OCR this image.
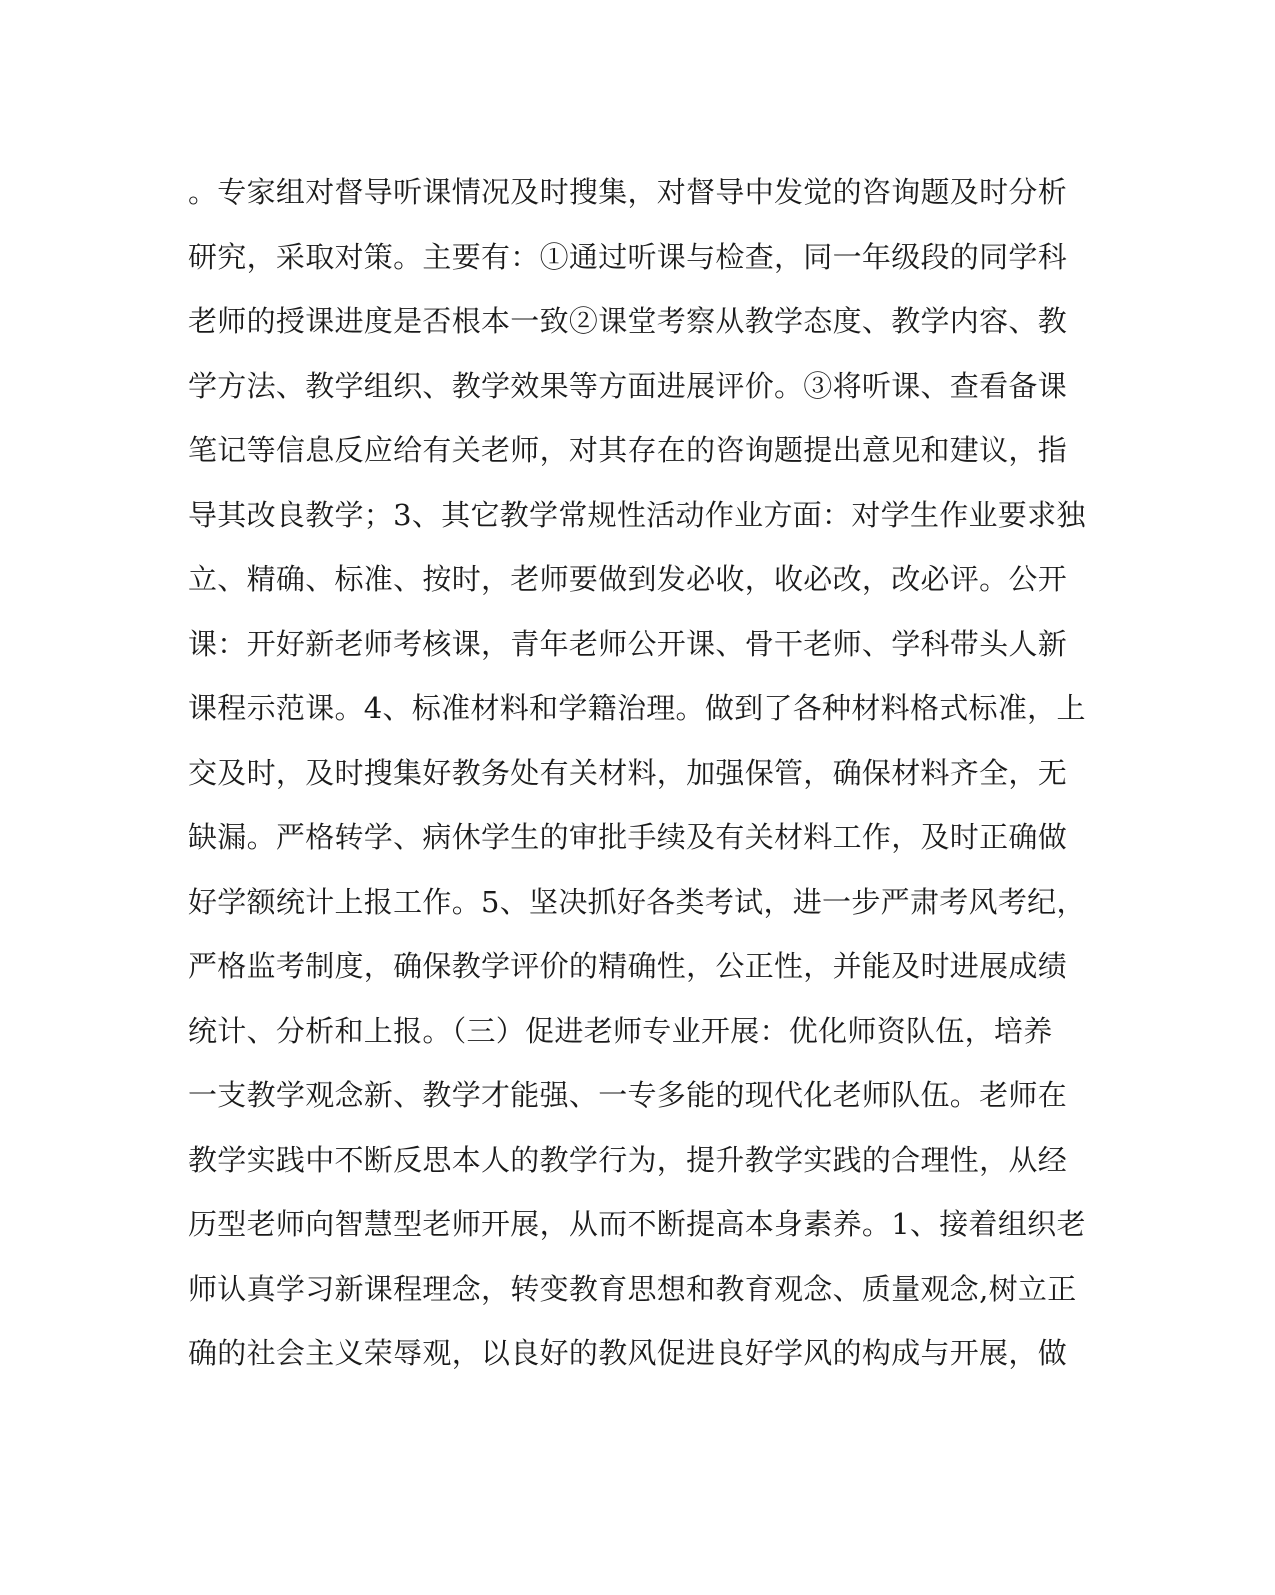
。专家组对督导听课情况及时搜集，对督导中发觉的咨询题及时分析
研究，采取对策。主要有：①通过听课与检查，同一年级段的同学科
老师的授课进度是否根本一致②课堂考察从教学态度、教学内容、教
学方法、教学组织、教学效果等方面进展评价。③将听课、查看备课
笔记等信息反应给有关老师，对其存在的咨询题提出意见和建议，指
导其改良教学；3、其它教学常规性活动作业方面：对学生作业要求独
立、精确、标准、按时，老师要做到发必收，收必改，改必评。公开
课：开好新老师考核课，青年老师公开课、骨干老师、学科带头人新
课程示范课。4、标准材料和学籍治理。做到了各种材料格式标准，上
交及时，及时搜集好教务处有关材料，加强保管，确保材料齐全，无
缺漏。严格转学、病休学生的审批手续及有关材料工作，及时正确做
好学额统计上报工作。5、坚决抓好各类考试，进一步严肃考风考纪，
严格监考制度，确保教学评价的精确性，公正性，并能及时进展成绩
统计、分析和上报。（三）促进老师专业开展：优化师资队伍，培养
一支教学观念新、教学才能强、一专多能的现代化老师队伍。老师在
教学实践中不断反思本人的教学行为，提升教学实践的合理性，从经
历型老师向智慧型老师开展，从而不断提高本身素养。1、接着组织老
师认真学习新课程理念，转变教育思想和教育观念、质量观念,树立正
确的社会主义荣辱观，以良好的教风促进良好学风的构成与开展，做
